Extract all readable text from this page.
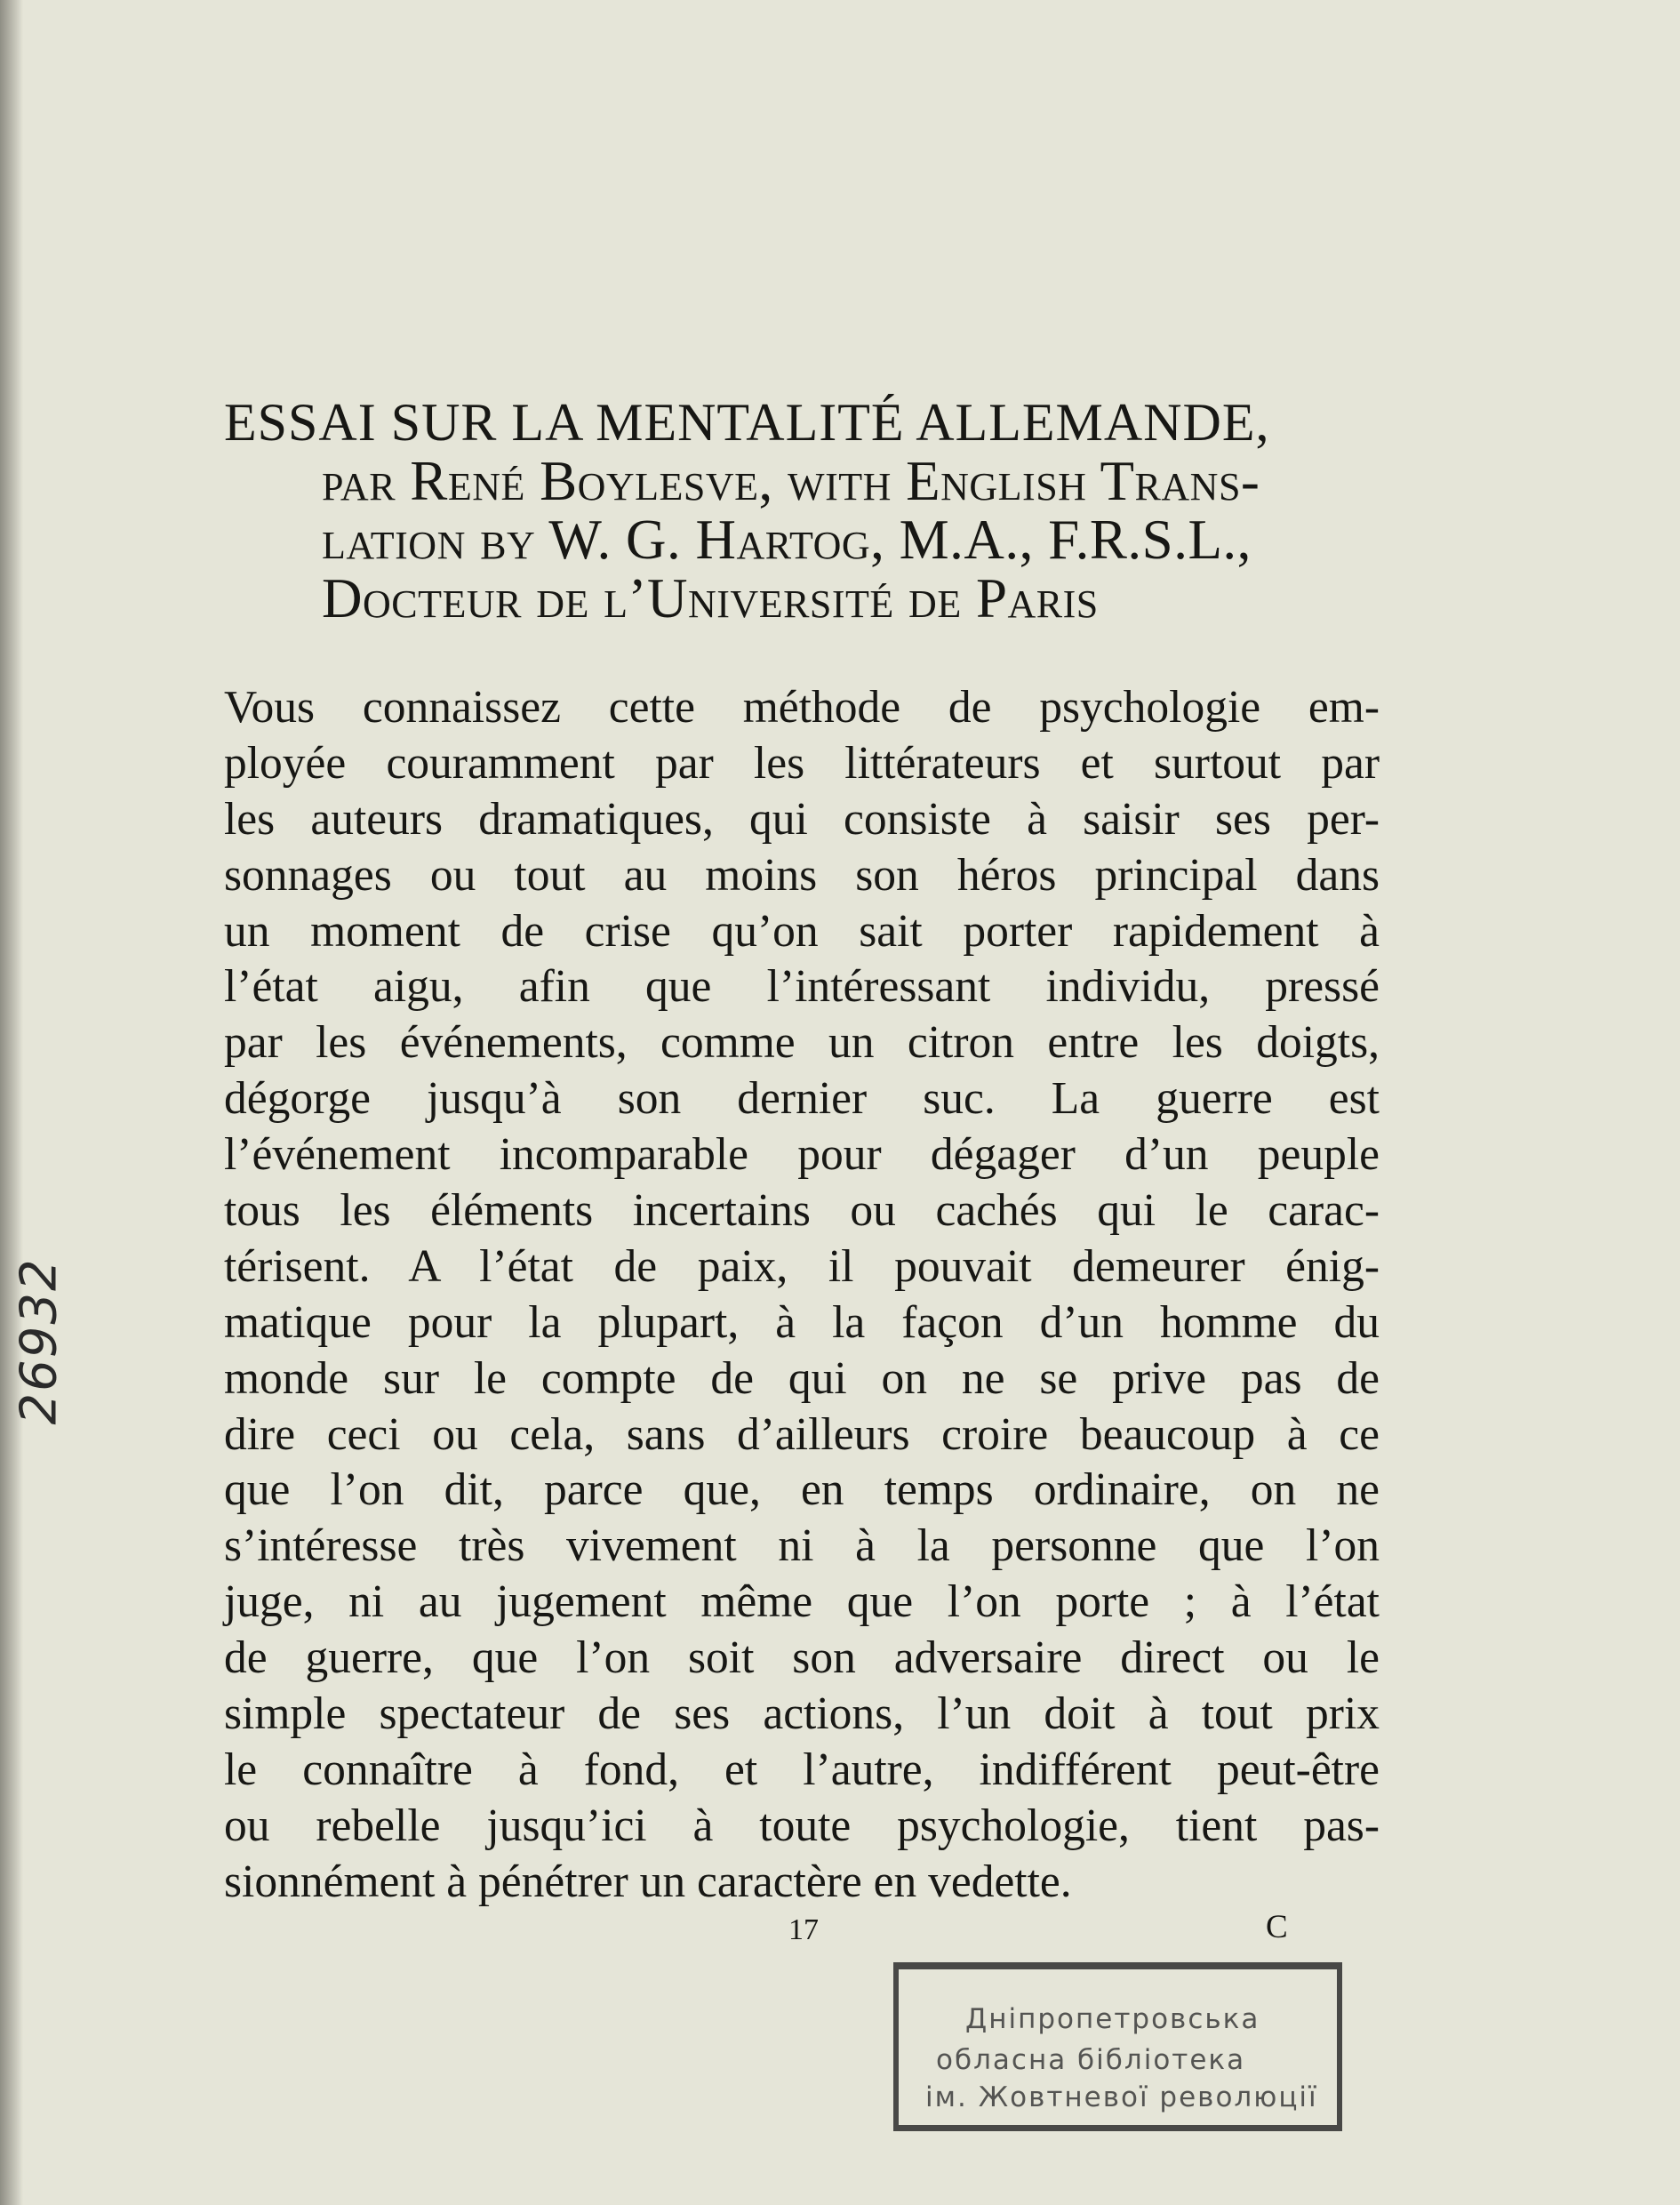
26932
ESSAI SUR LA MENTALITÉ ALLEMANDE,
par René Boylesve, with English Trans-
lation by W. G. Hartog, M.A., F.R.S.L.,
Docteur de l’Université de Paris
Vous connaissez cette méthode de psychologie em-
ployée couramment par les littérateurs et surtout par
les auteurs dramatiques, qui consiste à saisir ses per-
sonnages ou tout au moins son héros principal dans
un moment de crise qu’on sait porter rapidement à
l’état aigu, afin que l’intéressant individu, pressé
par les événements, comme un citron entre les doigts,
dégorge jusqu’à son dernier suc. La guerre est
l’événement incomparable pour dégager d’un peuple
tous les éléments incertains ou cachés qui le carac-
térisent. A l’état de paix, il pouvait demeurer énig-
matique pour la plupart, à la façon d’un homme du
monde sur le compte de qui on ne se prive pas de
dire ceci ou cela, sans d’ailleurs croire beaucoup à ce
que l’on dit, parce que, en temps ordinaire, on ne
s’intéresse très vivement ni à la personne que l’on
juge, ni au jugement même que l’on porte ; à l’état
de guerre, que l’on soit son adversaire direct ou le
simple spectateur de ses actions, l’un doit à tout prix
le connaître à fond, et l’autre, indifférent peut-être
ou rebelle jusqu’ici à toute psychologie, tient pas-
sionnément à pénétrer un caractère en vedette.
17	C
Дніпропетровська
обласна бібліотека
ім. Жовтневої революції
